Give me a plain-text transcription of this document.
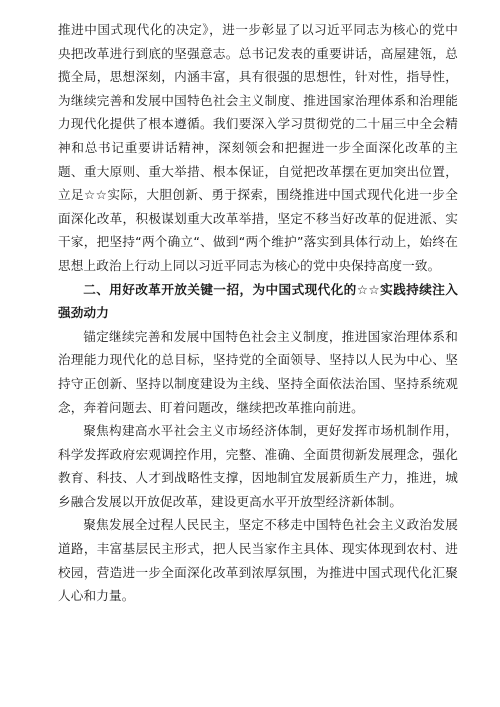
推进中国式现代化的决定》，进一步彰显了以习近平同志为核心的党中央把改革进行到底的坚强意志。总书记发表的重要讲话，高屋建瓴，总揽全局，思想深刻，内涵丰富，具有很强的思想性，针对性，指导性，为继续完善和发展中国特色社会主义制度、推进国家治理体系和治理能力现代化提供了根本遵循。我们要深入学习贯彻党的二十届三中全会精神和总书记重要讲话精神，深刻领会和把握进一步全面深化改革的主题、重大原则、重大举措、根本保证，自觉把改革摆在更加突出位置，立足☆☆实际，大胆创新、勇于探索，围绕推进中国式现代化进一步全面深化改革，积极谋划重大改革举措，坚定不移当好改革的促进派、实干家，把坚持“两个确立“、做到“两个维护”落实到具体行动上，始终在思想上政治上行动上同以习近平同志为核心的党中央保持高度一致。

二、用好改革开放关键一招，为中国式现代化的☆☆实践持续注入强劲动力

锚定继续完善和发展中国特色社会主义制度，推进国家治理体系和治理能力现代化的总目标，坚持党的全面领导、坚持以人民为中心、坚持守正创新、坚持以制度建设为主线、坚持全面依法治国、坚持系统观念，奔着问题去、盯着问题改，继续把改革推向前进。

聚焦构建高水平社会主义市场经济体制，更好发挥市场机制作用，科学发挥政府宏观调控作用，完整、准确、全面贯彻新发展理念，强化教育、科技、人才到战略性支撑，因地制宜发展新质生产力，推进，城乡融合发展以开放促改革，建设更高水平开放型经济新体制。

聚焦发展全过程人民民主，坚定不移走中国特色社会主义政治发展道路，丰富基层民主形式，把人民当家作主具体、现实体现到农村、进校园，营造进一步全面深化改革到浓厚氛围，为推进中国式现代化汇聚人心和力量。
